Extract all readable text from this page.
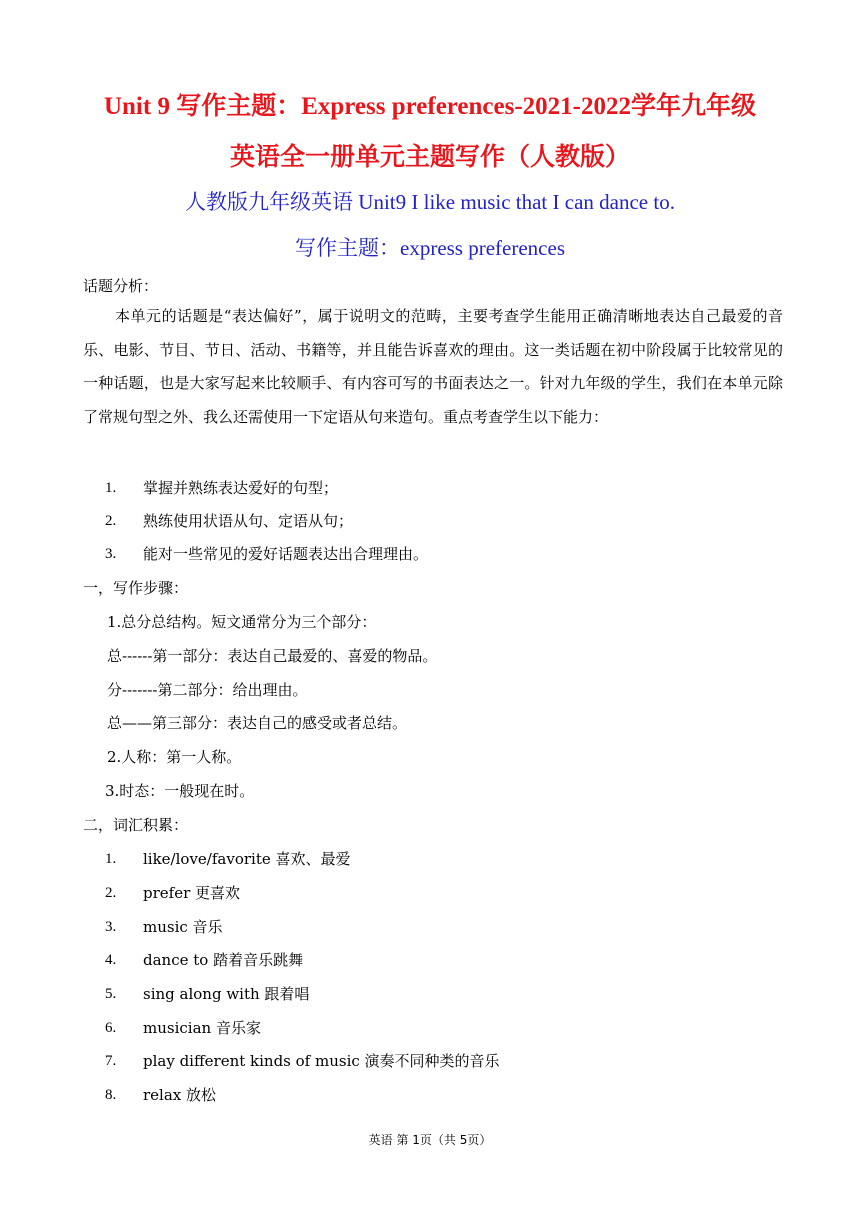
Unit 9 写作主题：Express preferences-2021-2022学年九年级
英语全一册单元主题写作（人教版）
人教版九年级英语 Unit9 I like music that I can dance to.
写作主题：express preferences
话题分析：
本单元的话题是“表达偏好”，属于说明文的范畴，主要考查学生能用正确清晰地表达自己最爱的音乐、电影、节目、节日、活动、书籍等，并且能告诉喜欢的理由。这一类话题在初中阶段属于比较常见的一种话题，也是大家写起来比较顺手、有内容可写的书面表达之一。针对九年级的学生，我们在本单元除了常规句型之外、我么还需使用一下定语从句来造句。重点考查学生以下能力：
1. 掌握并熟练表达爱好的句型；
2. 熟练使用状语从句、定语从句；
3. 能对一些常见的爱好话题表达出合理理由。
一，写作步骤：
1.总分总结构。短文通常分为三个部分：
总------第一部分：表达自己最爱的、喜爱的物品。
分-------第二部分：给出理由。
总——第三部分：表达自己的感受或者总结。
2.人称：第一人称。
3.时态：一般现在时。
二，词汇积累：
1. like/love/favorite 喜欢、最爱
2. prefer 更喜欢
3. music 音乐
4. dance to 踏着音乐跳舞
5. sing along with 跟着唱
6. musician 音乐家
7. play different kinds of music 演奏不同种类的音乐
8. relax 放松
英语 第 1页（共 5页）
